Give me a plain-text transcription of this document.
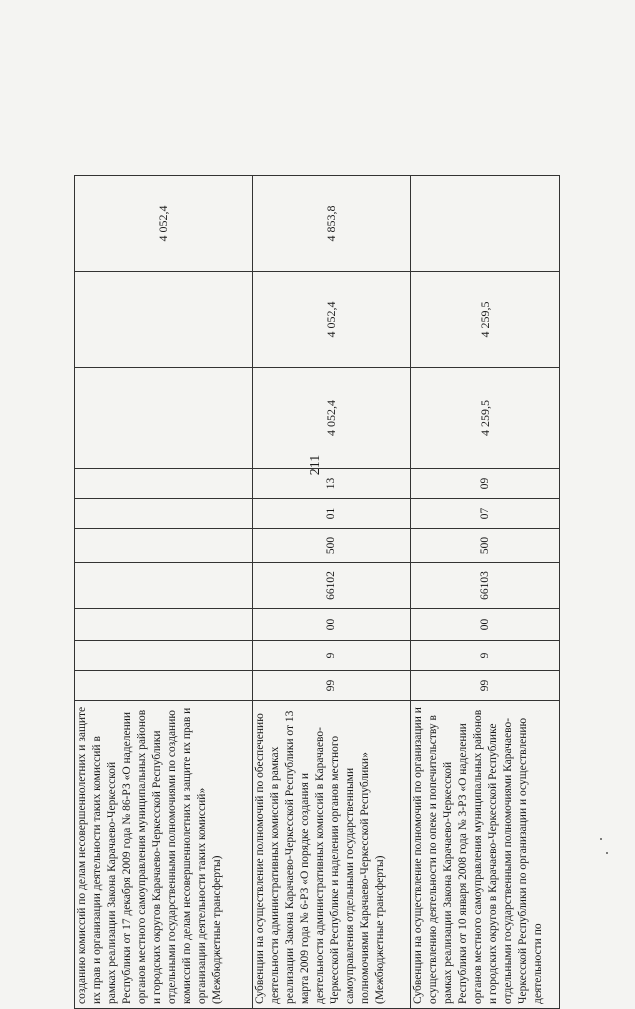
211
созданию комиссий по делам несовершеннолетних и защите их прав и организации деятельности таких комиссий в рамках реализации Закона Карачаево-Черкесской Республики от 17 декабря 2009 года № 86-РЗ «О наделении органов местного самоуправления муниципальных районов и городских округов Карачаево-Черкесской Республики отдельными государственными полномочиями по созданию комиссий по делам несовершеннолетних и защите их прав и организации деятельности таких комиссий» (Межбюджетные трансферты)										4 052,4
Субвенции на осуществление полномочий по обеспечению деятельности административных комиссий в рамках реализации Закона Карачаево-Черкесской Республики от 13 марта 2009 года № 6-РЗ «О порядке создания и деятельности административных комиссий в Карачаево-Черкесской Республике и наделении органов местного самоуправления отдельными государственными полномочиями Карачаево-Черкесской Республики» (Межбюджетные трансферты)	99	9	00	66102	500	01	13	4 052,4	4 052,4	4 853,8
Субвенции на осуществление полномочий по организации и осуществлению деятельности по опеке и попечительству в рамках реализации Закона Карачаево-Черкесской Республики от 10 января 2008 года № 3-РЗ «О наделении органов местного самоуправления муниципальных районов и городских округов в Карачаево-Черкесской Республике отдельными государственными полномочиями Карачаево-Черкесской Республики по организации и осуществлению деятельности по	99	9	00	66103	500	07	09	4 259,5	4 259,5	
